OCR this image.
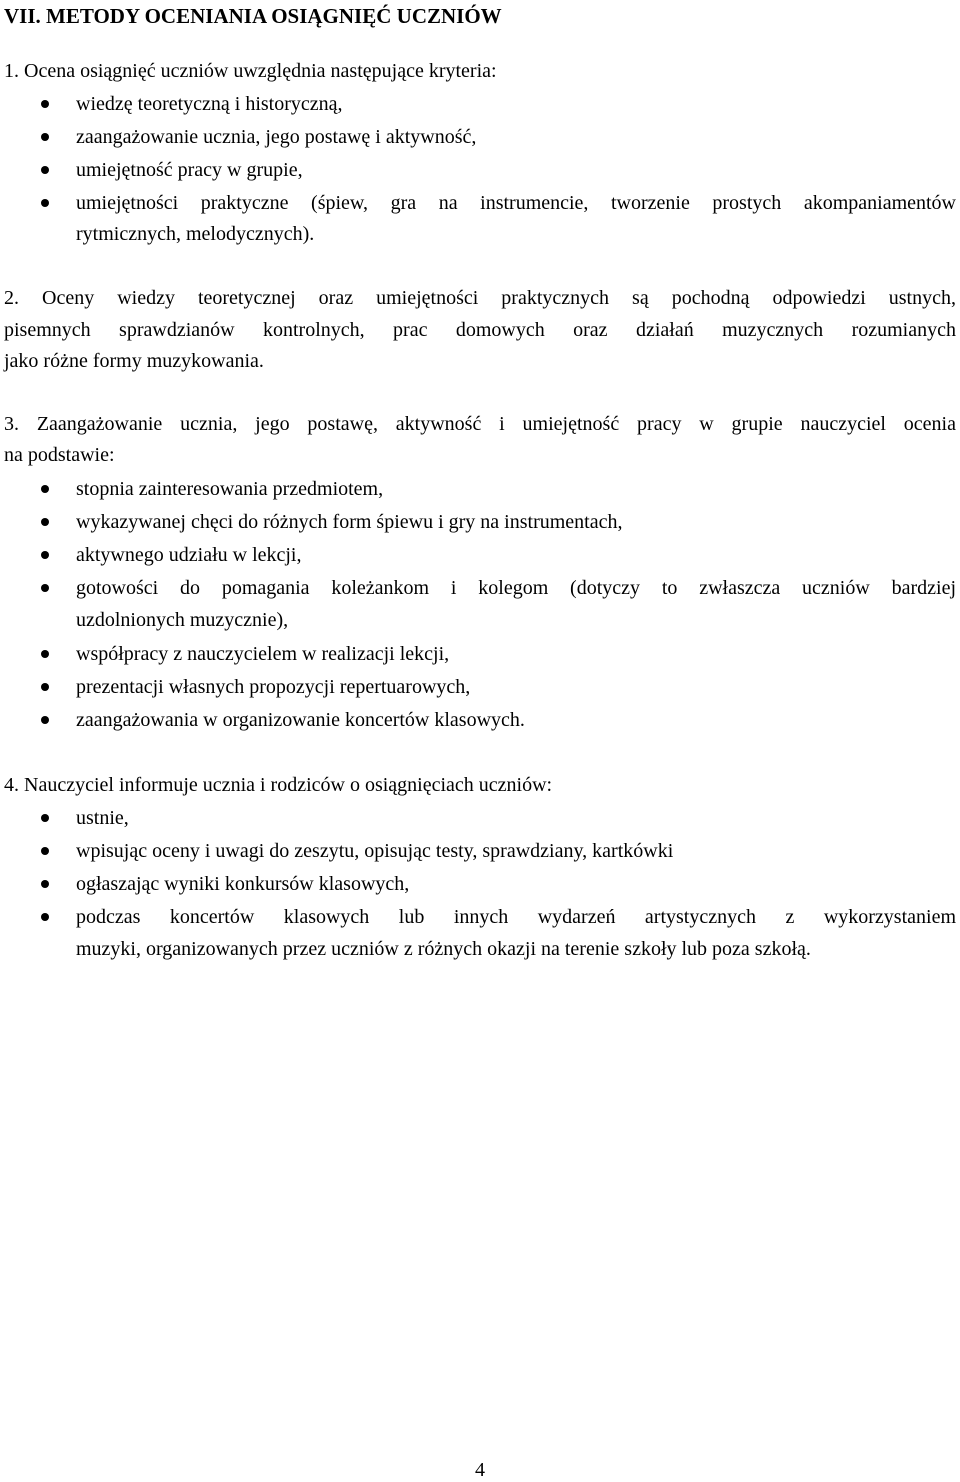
VII. METODY OCENIANIA OSIĄGNIĘĆ UCZNIÓW
1. Ocena osiągnięć uczniów uwzględnia następujące kryteria:
wiedzę teoretyczną i historyczną,
zaangażowanie ucznia, jego postawę i aktywność,
umiejętność pracy w grupie,
umiejętności praktyczne (śpiew, gra na instrumencie, tworzenie prostych akompaniamentów
rytmicznych, melodycznych).
2. Oceny wiedzy teoretycznej oraz umiejętności praktycznych są pochodną odpowiedzi ustnych,
pisemnych sprawdzianów kontrolnych, prac domowych oraz działań muzycznych rozumianych
jako różne formy muzykowania.
3. Zaangażowanie ucznia, jego postawę, aktywność i umiejętność pracy w grupie nauczyciel ocenia
na podstawie:
stopnia zainteresowania przedmiotem,
wykazywanej chęci do różnych form śpiewu i gry na instrumentach,
aktywnego udziału w lekcji,
gotowości do pomagania koleżankom i kolegom (dotyczy to zwłaszcza uczniów bardziej
uzdolnionych muzycznie),
współpracy z nauczycielem w realizacji lekcji,
prezentacji własnych propozycji repertuarowych,
zaangażowania w organizowanie koncertów klasowych.
4. Nauczyciel informuje ucznia i rodziców o osiągnięciach uczniów:
ustnie,
wpisując oceny i uwagi do zeszytu, opisując testy, sprawdziany, kartkówki
ogłaszając wyniki konkursów klasowych,
podczas koncertów klasowych lub innych wydarzeń artystycznych z wykorzystaniem
muzyki, organizowanych przez uczniów z różnych okazji na terenie szkoły lub poza szkołą.
4
